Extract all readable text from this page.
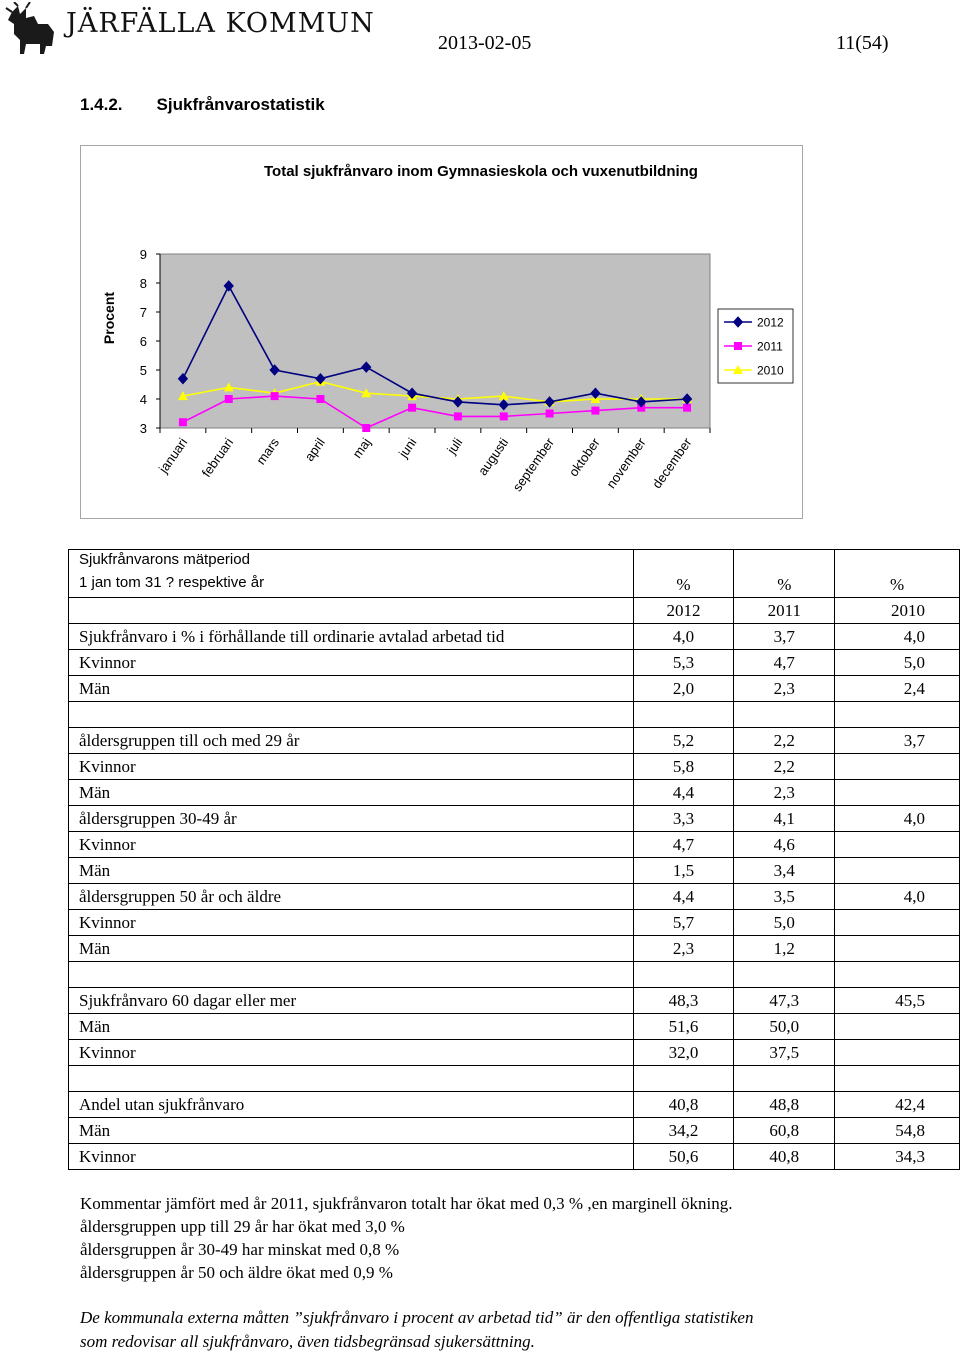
JÄRFÄLLA KOMMUN
2013-02-05	11(54)
1.4.2. Sjukfrånvarostatistik
Total sjukfrånvaro inom Gymnasieskola och vuxenutbildning
Procent
3
4
5
6
7
8
9
januari februari mars april maj juni juli augusti
september oktober november december
2012
2011
2010
Sjukfrånvarons mätperiod
1 jan tom 31 ? respektive år	%	%	%
	2012	2011	2010
Sjukfrånvaro i % i förhållande till ordinarie avtalad arbetad tid	4,0	3,7	4,0
Kvinnor	5,3	4,7	5,0
Män	2,0	2,3	2,4

åldersgruppen till och med 29 år	5,2	2,2	3,7
Kvinnor	5,8	2,2	
Män	4,4	2,3	
åldersgruppen 30-49 år	3,3	4,1	4,0
Kvinnor	4,7	4,6	
Män	1,5	3,4	
åldersgruppen 50 år och äldre	4,4	3,5	4,0
Kvinnor	5,7	5,0	
Män	2,3	1,2	

Sjukfrånvaro 60 dagar eller mer	48,3	47,3	45,5
Män	51,6	50,0	
Kvinnor	32,0	37,5	

Andel utan sjukfrånvaro	40,8	48,8	42,4
Män	34,2	60,8	54,8
Kvinnor	50,6	40,8	34,3
Kommentar jämfört med år 2011, sjukfrånvaron totalt har ökat med 0,3 % ,en marginell ökning.
åldersgruppen upp till 29 år har ökat med 3,0 %
åldersgruppen år 30-49 har minskat med 0,8 %
åldersgruppen år 50 och äldre ökat med 0,9 %
De kommunala externa måtten ”sjukfrånvaro i procent av arbetad tid” är den offentliga statistiken
som redovisar all sjukfrånvaro, även tidsbegränsad sjukersättning.
